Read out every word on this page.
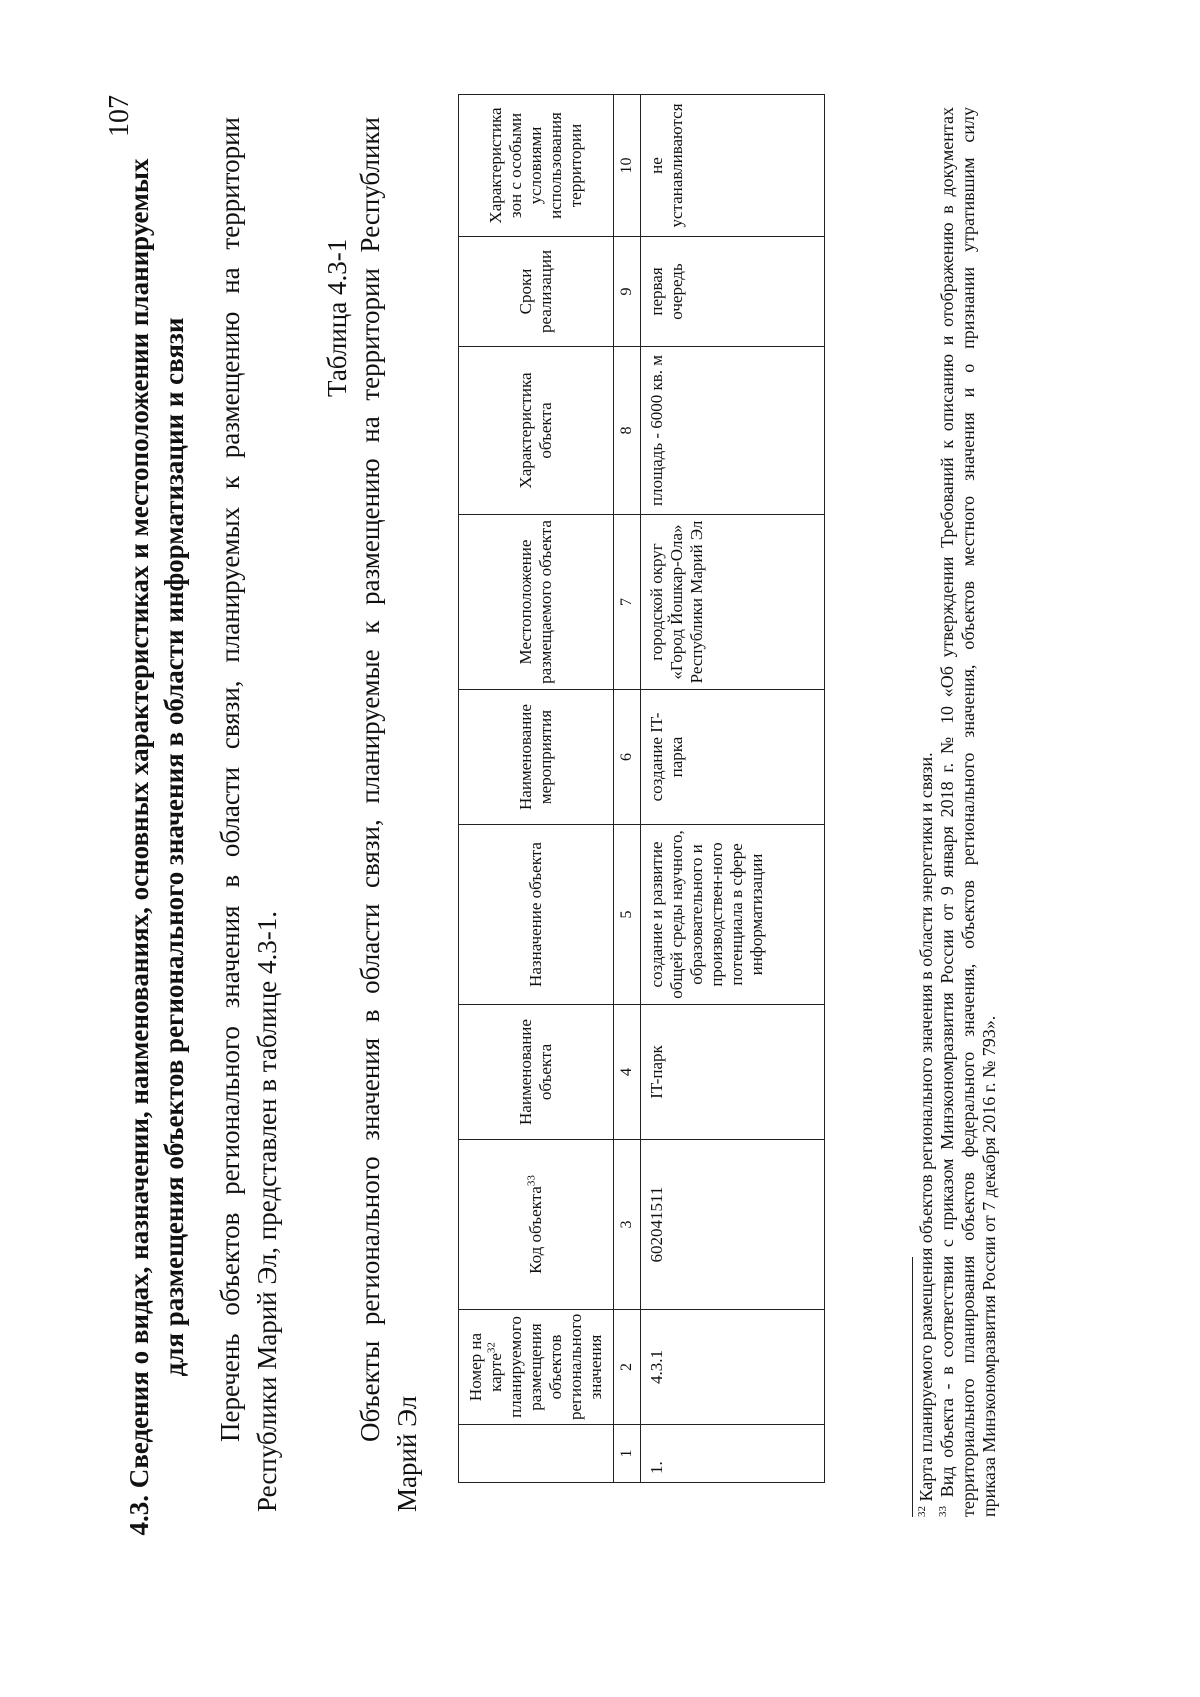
107
4.3. Сведения о видах, назначении, наименованиях, основных характеристиках и местоположении планируемых для размещения объектов регионального значения в области информатизации и связи Перечень объектов регионального значения в области связи, планируемых к размещению на территории Республики Марий Эл, представлен в таблице 4.3-1.
Таблица 4.3-1 Объекты регионального значения в области связи, планируемые к размещению на территории Республики
Марий Эл
	Номер на карте$^{32}$ планируемого размещения объектов регионального значения	Код объекта$^{33}$	Наименование объекта	Назначение объекта	Наименование мероприятия	Местоположение размещаемого объекта	Характеристика объекта	Сроки реализации	Характеристика зон с особыми условиями использования территории
1	2	3	4	5	6	7	8	9	10
1.	4.3.1	602041511	IT-парк	создание и развитие общей среды научного, образовательного и производствен-ного потенциала в сфере информатизации	создание IT-парка	городской округ «Город Йошкар-Ола» Республики Марий Эл	площадь - 6000 кв. м	первая очередь	не устанавливаются
$^{32}$ Карта планируемого размещения объектов регионального значения в области энергетики и связи.
$^{33}$ Вид объекта - в соответствии с приказом Минэкономразвития России от 9 января 2018 г. № 10 «Об утверждении Требований к описанию и отображению в документах территориального планирования объектов федерального значения, объектов регионального значения, объектов местного значения и о признании утратившим силу приказа Минэкономразвития России от 7 декабря 2016 г. № 793».
